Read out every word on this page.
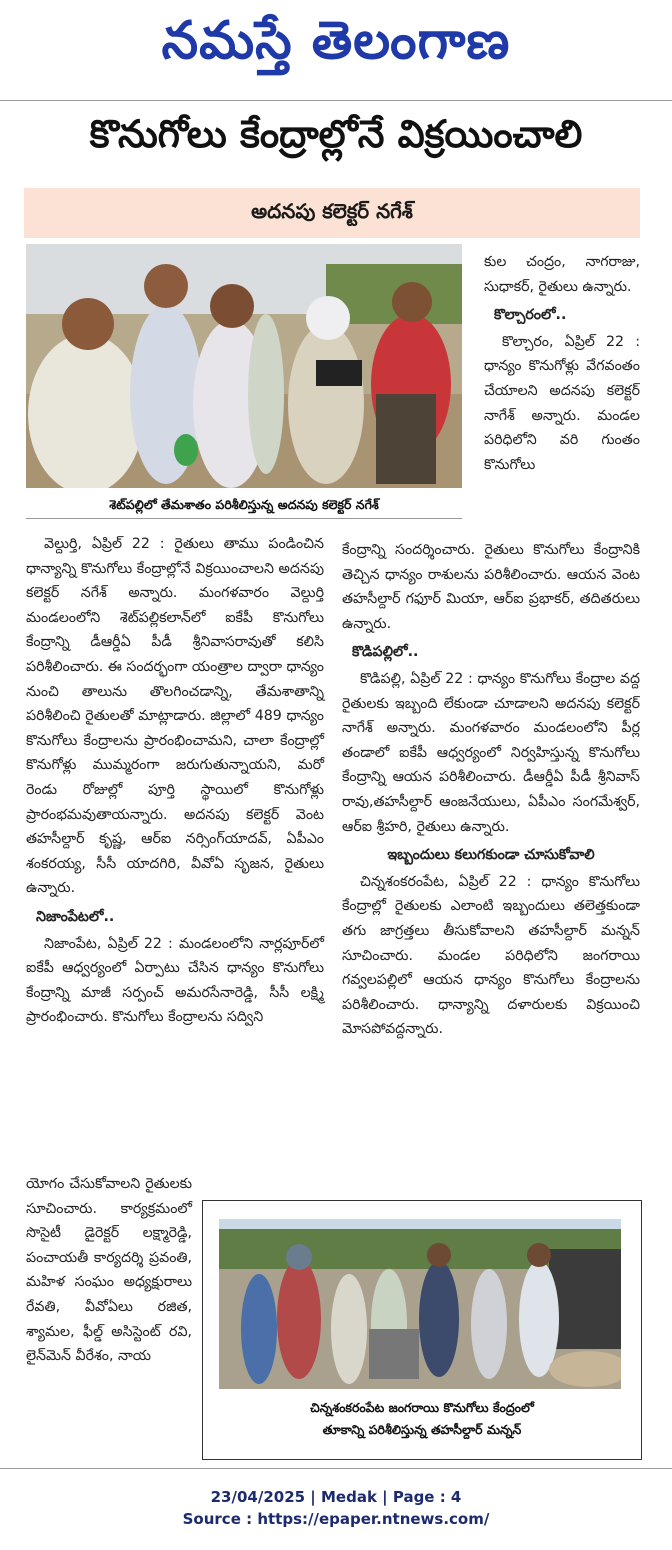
నమస్తే తెలంగాణ
కొనుగోలు కేంద్రాల్లోనే విక్రయించాలి
అదనపు కలెక్టర్ నగేశ్
శెట్‌పల్లిలో తేమశాతం పరిశీలిస్తున్న అదనపు కలెక్టర్ నగేశ్

కుల చంద్రం, నాగరాజు, సుధాకర్, రైతులు ఉన్నారు.

కొల్చారంలో..

కొల్చారం, ఏప్రిల్ 22 : ధాన్యం కొనుగోళ్లు వేగవంతం చేయాలని అదనపు కలెక్టర్ నాగేశ్ అన్నారు. మండల పరిధిలోని వరి గుంతం కొనుగోలు

వెల్దుర్తి, ఏప్రిల్ 22 : రైతులు తాము పండించిన ధాన్యాన్ని కొనుగోలు కేంద్రాల్లోనే విక్రయించాలని అదనపు కలెక్టర్ నగేశ్ అన్నారు. మంగళవారం వెల్దుర్తి మండలంలోని శెట్‌పల్లికలాన్‌లో ఐకేపీ కొనుగోలు కేంద్రాన్ని డీఆర్డీఏ పీడీ శ్రీనివాసరావుతో కలిసి పరిశీలించారు. ఈ సందర్భంగా యంత్రాల ద్వారా ధాన్యం నుంచి తాలును తొలగించడాన్ని, తేమశాతాన్ని పరిశీలించి రైతులతో మాట్లాడారు. జిల్లాలో 489 ధాన్యం కొనుగోలు కేంద్రాలను ప్రారంభించామని, చాలా కేంద్రాల్లో కొనుగోళ్లు ముమ్మరంగా జరుగుతున్నాయని, మరో రెండు రోజుల్లో పూర్తి స్థాయిలో కొనుగోళ్లు ప్రారంభమవుతాయన్నారు. అదనపు కలెక్టర్ వెంట తహసీల్దార్ కృష్ణ, ఆర్ఐ నర్సింగ్‌యాదవ్, ఏపీఎం శంకరయ్య, సీసీ యాదగిరి, వీవోఏ సృజన, రైతులు ఉన్నారు.

నిజాంపేటలో..

నిజాంపేట, ఏప్రిల్ 22 : మండలంలోని నార్లపూర్‌లో ఐకేపీ ఆధ్వర్యంలో ఏర్పాటు చేసిన ధాన్యం కొనుగోలు కేంద్రాన్ని మాజీ సర్పంచ్ అమరసేనారెడ్డి, సీసీ లక్ష్మి ప్రారంభించారు. కొనుగోలు కేంద్రాలను సద్విని

యోగం చేసుకోవాలని రైతులకు సూచించారు. కార్యక్రమంలో సొసైటీ డైరెక్టర్ లక్ష్మారెడ్డి, పంచాయతీ కార్యదర్శి ప్రవంతి, మహిళ సంఘం అధ్యక్షురాలు రేవతి, వీవోఏలు రజిత, శ్యామల, ఫీల్డ్ అసిస్టెంట్ రవి, లైన్‌మెన్ వీరేశం, నాయ

కేంద్రాన్ని సందర్శించారు. రైతులు కొనుగోలు కేంద్రానికి తెచ్చిన ధాన్యం రాశులను పరిశీలించారు. ఆయన వెంట తహసీల్దార్ గఫూర్ మియా, ఆర్ఐ ప్రభాకర్, తదితరులు ఉన్నారు.

కొడిపల్లిలో..

కొడిపల్లి, ఏప్రిల్ 22 : ధాన్యం కొనుగోలు కేంద్రాల వద్ద రైతులకు ఇబ్బంది లేకుండా చూడాలని అదనపు కలెక్టర్ నాగేశ్ అన్నారు. మంగళవారం మండలంలోని పీర్ల తండాలో ఐకేపీ ఆధ్వర్యంలో నిర్వహిస్తున్న కొనుగోలు కేంద్రాన్ని ఆయన పరిశీలించారు. డీఆర్డీఏ పీడీ శ్రీనివాస్ రావు,తహసీల్దార్ ఆంజనేయులు, ఏపీఎం సంగమేశ్వర్, ఆర్ఐ శ్రీహరి, రైతులు ఉన్నారు.

ఇబ్బందులు కలుగకుండా చూసుకోవాలి

చిన్నశంకరంపేట, ఏప్రిల్ 22 : ధాన్యం కొనుగోలు కేంద్రాల్లో రైతులకు ఎలాంటి ఇబ్బందులు తలెత్తకుండా తగు జాగ్రత్తలు తీసుకోవాలని తహసీల్దార్ మన్నన్ సూచించారు. మండల పరిధిలోని జంగరాయి గవ్వలపల్లిలో ఆయన ధాన్యం కొనుగోలు కేంద్రాలను పరిశీలించారు. ధాన్యాన్ని దళారులకు విక్రయించి మోసపోవద్దన్నారు.

చిన్నశంకరంపేట జంగరాయి కొనుగోలు కేంద్రంలో
తూకాన్ని పరిశీలిస్తున్న తహసీల్దార్ మన్నన్
23/04/2025 | Medak | Page : 4
Source : https://epaper.ntnews.com/
